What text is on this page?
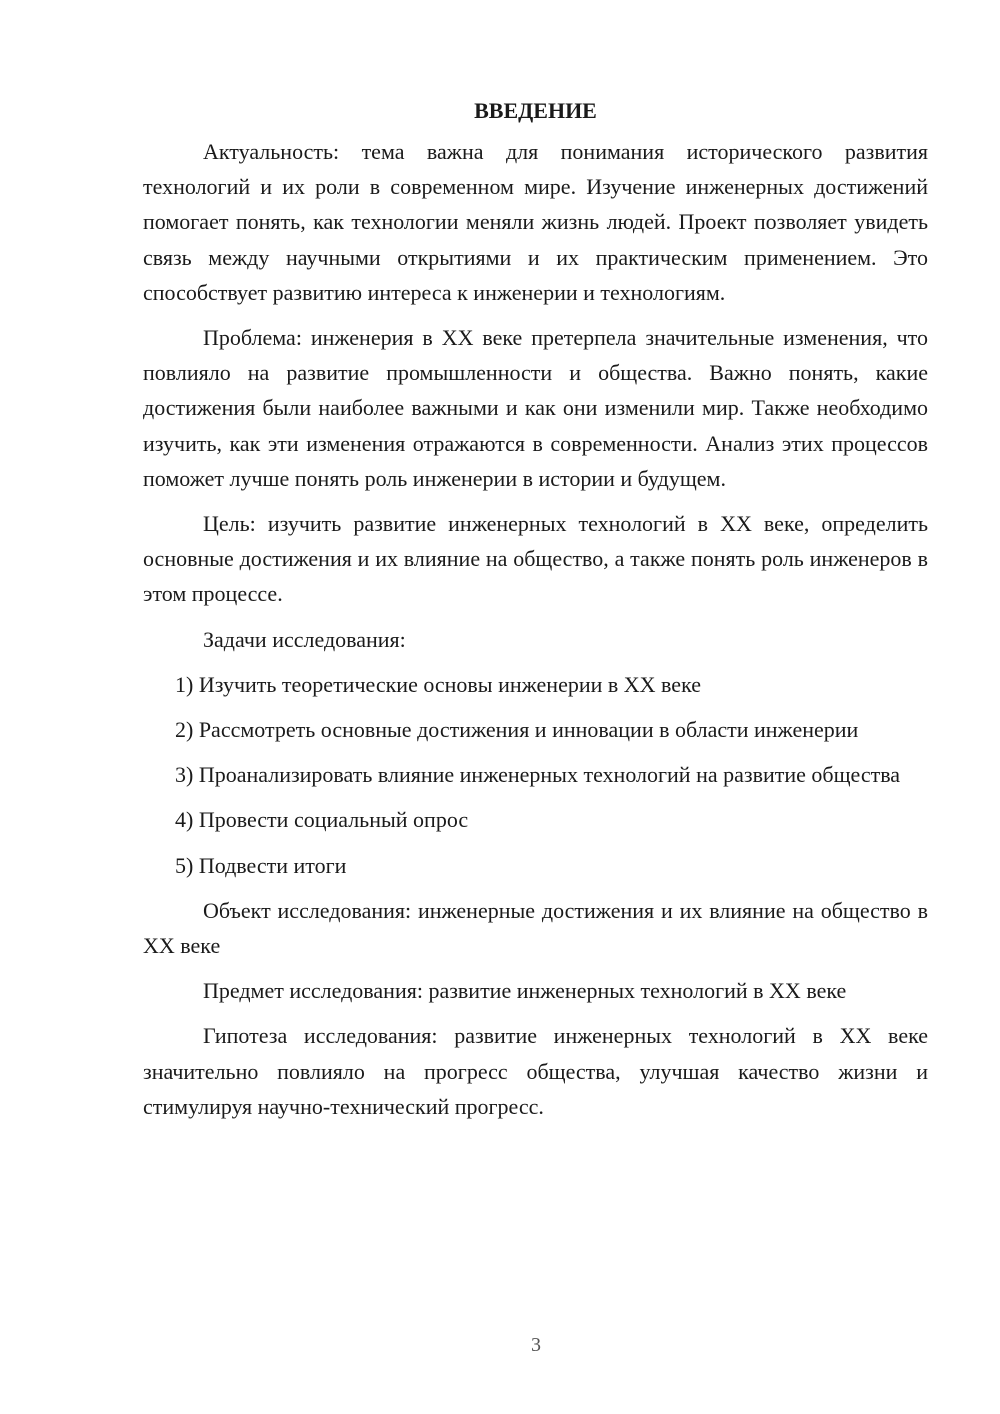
ВВЕДЕНИЕ

Актуальность: тема важна для понимания исторического развития технологий и их роли в современном мире. Изучение инженерных достижений помогает понять, как технологии меняли жизнь людей. Проект позволяет увидеть связь между научными открытиями и их практическим применением. Это способствует развитию интереса к инженерии и технологиям.

Проблема: инженерия в XX веке претерпела значительные изменения, что повлияло на развитие промышленности и общества. Важно понять, какие достижения были наиболее важными и как они изменили мир. Также необходимо изучить, как эти изменения отражаются в современности. Анализ этих процессов поможет лучше понять роль инженерии в истории и будущем.

Цель: изучить развитие инженерных технологий в XX веке, определить основные достижения и их влияние на общество, а также понять роль инженеров в этом процессе.

Задачи исследования:

1) Изучить теоретические основы инженерии в XX веке

2) Рассмотреть основные достижения и инновации в области инженерии

3) Проанализировать влияние инженерных технологий на развитие общества

4) Провести социальный опрос

5) Подвести итоги

Объект исследования: инженерные достижения и их влияние на общество в XX веке

Предмет исследования: развитие инженерных технологий в XX веке

Гипотеза исследования: развитие инженерных технологий в XX веке значительно повлияло на прогресс общества, улучшая качество жизни и стимулируя научно-технический прогресс.

3
